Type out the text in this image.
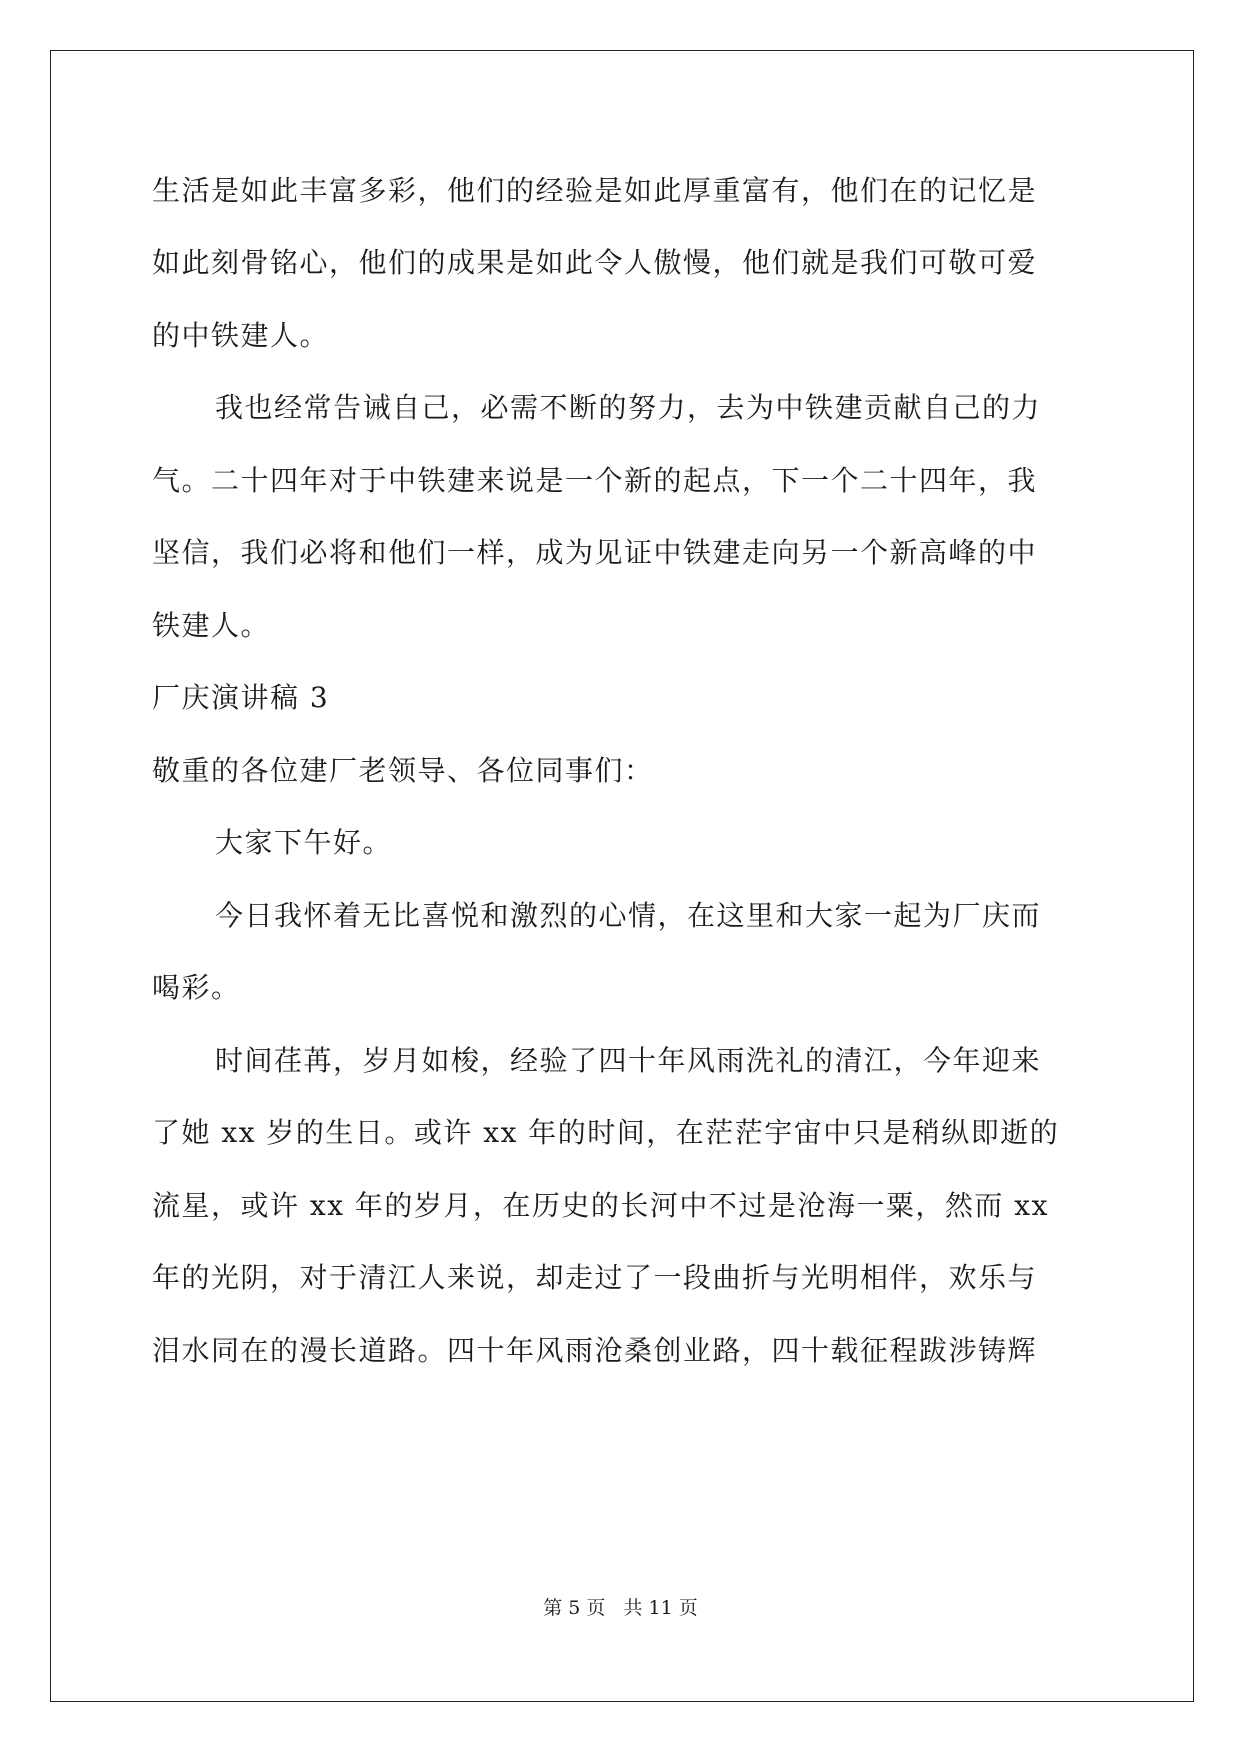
生活是如此丰富多彩，他们的经验是如此厚重富有，他们在的记忆是
如此刻骨铭心，他们的成果是如此令人傲慢，他们就是我们可敬可爱
的中铁建人。
我也经常告诫自己，必需不断的努力，去为中铁建贡献自己的力
气。二十四年对于中铁建来说是一个新的起点，下一个二十四年，我
坚信，我们必将和他们一样，成为见证中铁建走向另一个新高峰的中
铁建人。
厂庆演讲稿 3
敬重的各位建厂老领导、各位同事们：
大家下午好。
今日我怀着无比喜悦和激烈的心情，在这里和大家一起为厂庆而
喝彩。
时间荏苒，岁月如梭，经验了四十年风雨洗礼的清江，今年迎来
了她 xx 岁的生日。或许 xx 年的时间，在茫茫宇宙中只是稍纵即逝的
流星，或许 xx 年的岁月，在历史的长河中不过是沧海一粟，然而 xx
年的光阴，对于清江人来说，却走过了一段曲折与光明相伴，欢乐与
泪水同在的漫长道路。四十年风雨沧桑创业路，四十载征程跋涉铸辉
第 5 页   共 11 页
